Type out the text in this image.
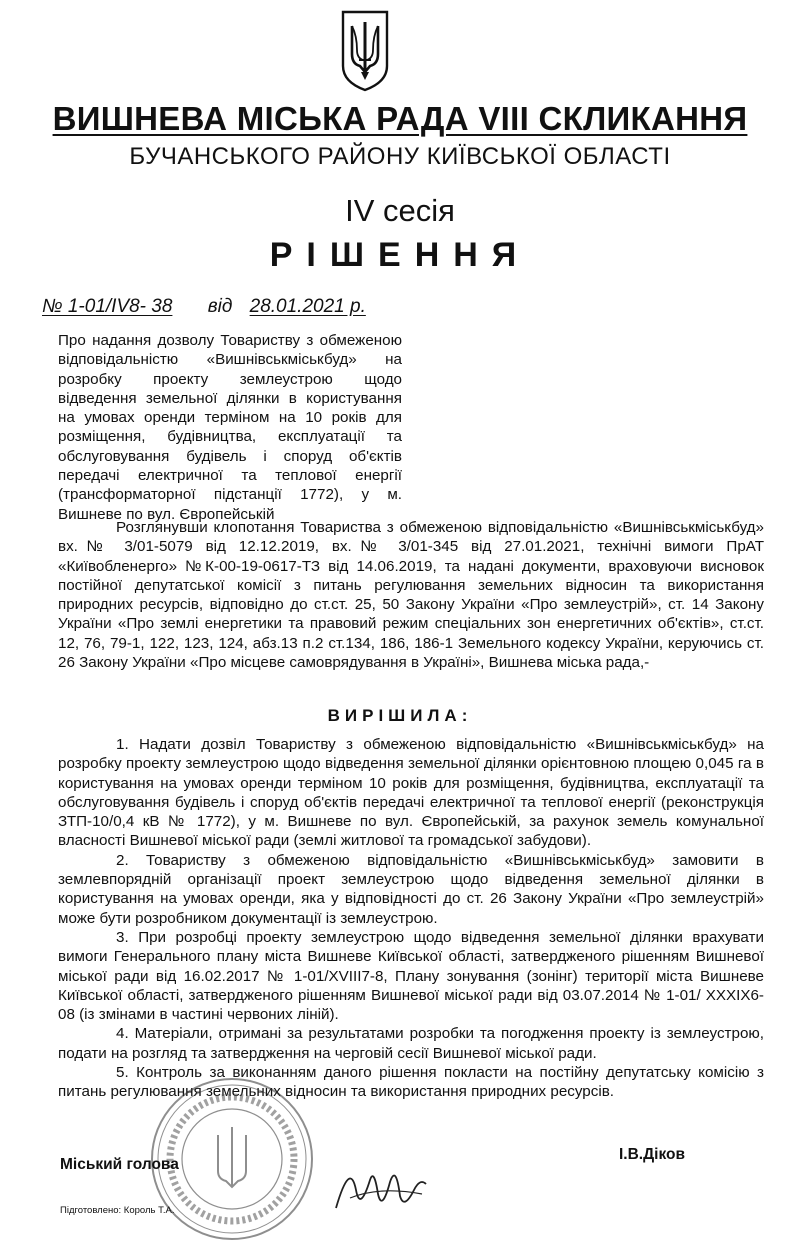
ВИШНЕВА МІСЬКА РАДА VIII СКЛИКАННЯ
БУЧАНСЬКОГО РАЙОНУ КИЇВСЬКОЇ ОБЛАСТІ
IV сесія
РІШЕННЯ
№ 1-01/IV8- 38 від 28.01.2021 р.
Про надання дозволу Товариству з обмеженою відповідальністю «Вишнівськміськбуд» на розробку проекту землеустрою щодо відведення земельної ділянки в користування на умовах оренди терміном на 10 років для розміщення, будівництва, експлуатації та обслуговування будівель і споруд об'єктів передачі електричної та теплової енергії (трансформаторної підстанції 1772), у м. Вишневе по вул. Європейській

Розглянувши клопотання Товариства з обмеженою відповідальністю «Вишнівськміськбуд» вх.№ 3/01-5079 від 12.12.2019, вх.№ 3/01-345 від 27.01.2021, технічні вимоги ПрАТ «Київобленерго» №К-00-19-0617-ТЗ від 14.06.2019, та надані документи, враховуючи висновок постійної депутатської комісії з питань регулювання земельних відносин та використання природних ресурсів, відповідно до ст.ст. 25, 50 Закону України «Про землеустрій», ст. 14 Закону України «Про землі енергетики та правовий режим спеціальних зон енергетичних об'єктів», ст.ст. 12, 76, 79-1, 122, 123, 124, абз.13 п.2 ст.134, 186, 186-1 Земельного кодексу України, керуючись ст. 26 Закону України «Про місцеве самоврядування в Україні», Вишнева міська рада,-

ВИРІШИЛА:

1. Надати дозвіл Товариству з обмеженою відповідальністю «Вишнівськміськбуд» на розробку проекту землеустрою щодо відведення земельної ділянки орієнтовною площею 0,045 га в користування на умовах оренди терміном 10 років для розміщення, будівництва, експлуатації та обслуговування будівель і споруд об'єктів передачі електричної та теплової енергії (реконструкція ЗТП-10/0,4 кВ № 1772), у м. Вишневе по вул. Європейській, за рахунок земель комунальної власності Вишневої міської ради (землі житлової та громадської забудови).

2. Товариству з обмеженою відповідальністю «Вишнівськміськбуд» замовити в землевпорядній організації проект землеустрою щодо відведення земельної ділянки в користування на умовах оренди, яка у відповідності до ст. 26 Закону України «Про землеустрій» може бути розробником документації із землеустрою.

3. При розробці проекту землеустрою щодо відведення земельної ділянки врахувати вимоги Генерального плану міста Вишневе Київської області, затвердженого рішенням Вишневої міської ради від 16.02.2017 № 1-01/XVIII7-8, Плану зонування (зонінг) території міста Вишневе Київської області, затвердженого рішенням Вишневої міської ради від 03.07.2014 № 1-01/ XXXIX6-08 (із змінами в частині червоних ліній).

4. Матеріали, отримані за результатами розробки та погодження проекту із землеустрою, подати на розгляд та затвердження на черговій сесії Вишневої міської ради.

5. Контроль за виконанням даного рішення покласти на постійну депутатську комісію з питань регулювання земельних відносин та використання природних ресурсів.

Міський голова
І.В.Діков
Підготовлено: Король Т.А.
